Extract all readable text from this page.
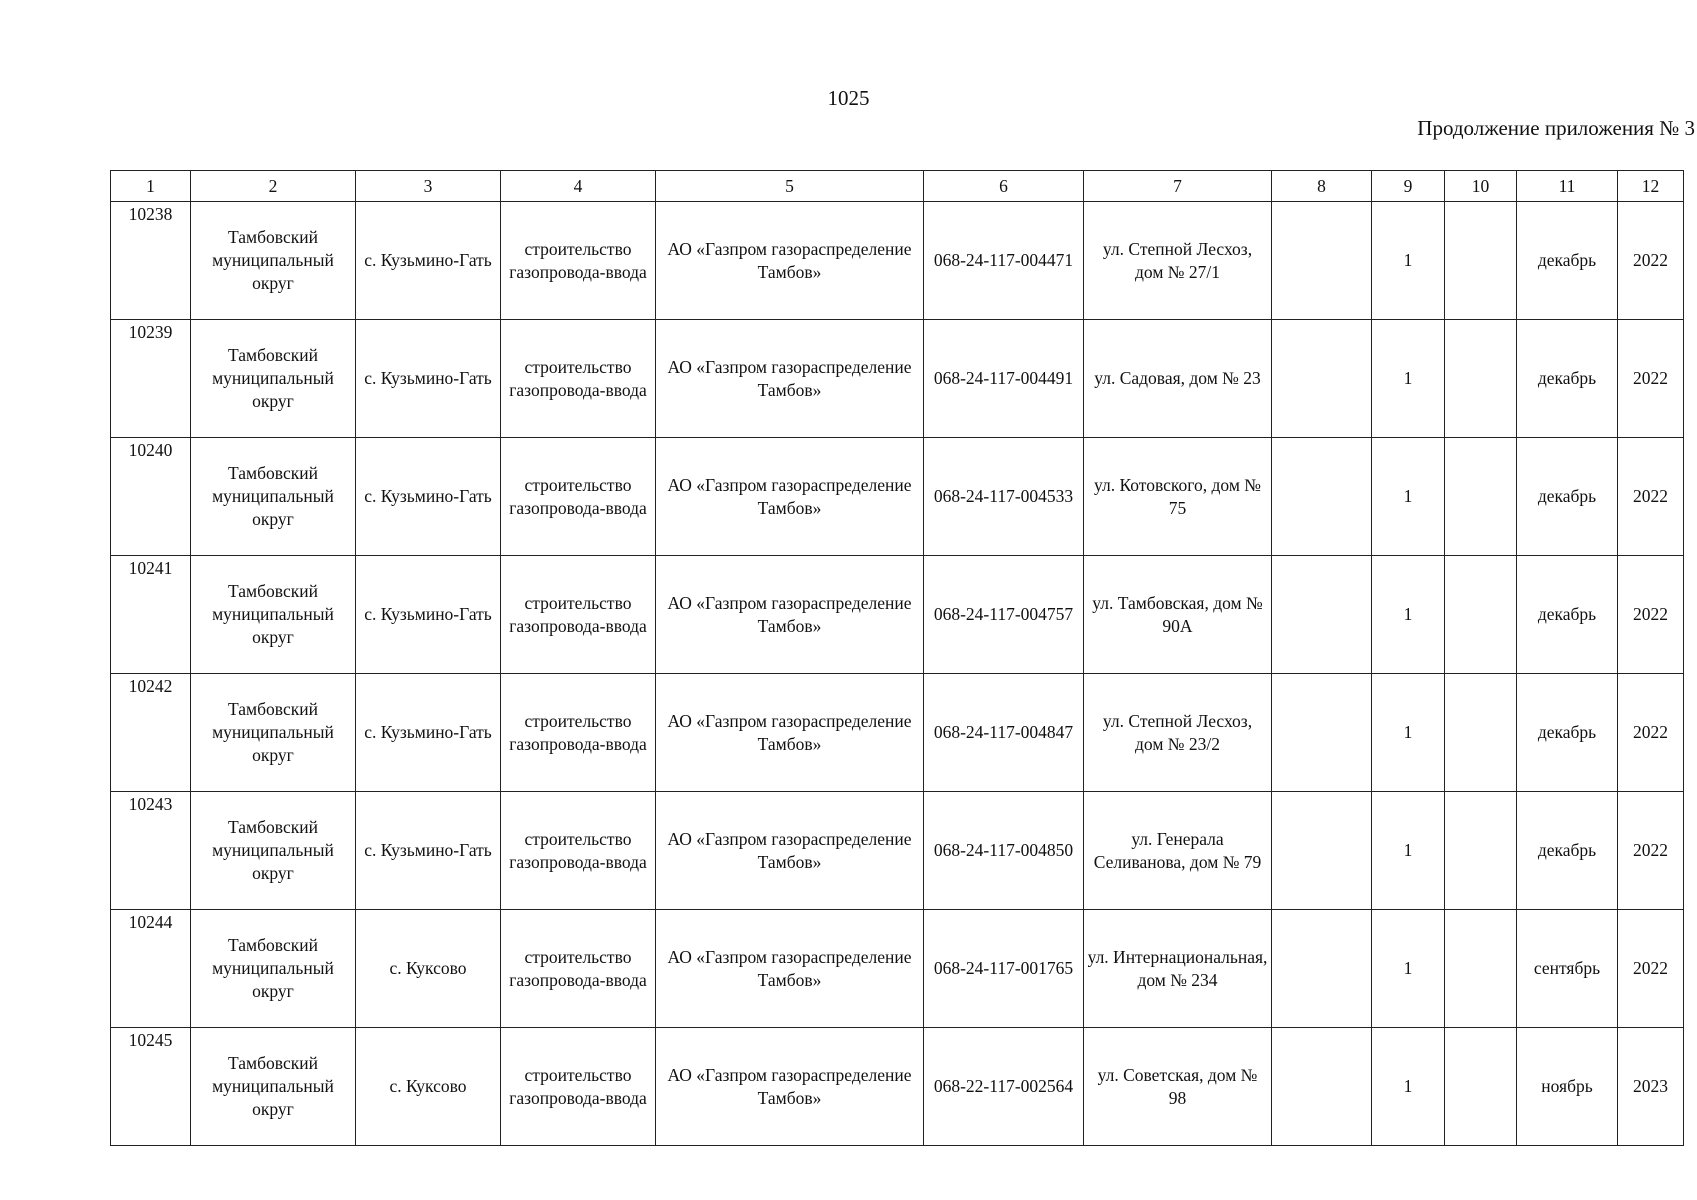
1025
Продолжение приложения № 3
1	2	3	4	5	6	7	8	9	10	11	12
10238	Тамбовский муниципальный округ	с. Кузьмино-Гать	строительство газопровода-ввода	АО «Газпром газораспределение Тамбов»	068-24-117-004471	ул. Степной Лесхоз, дом № 27/1		1		декабрь	2022
10239	Тамбовский муниципальный округ	с. Кузьмино-Гать	строительство газопровода-ввода	АО «Газпром газораспределение Тамбов»	068-24-117-004491	ул. Садовая, дом № 23		1		декабрь	2022
10240	Тамбовский муниципальный округ	с. Кузьмино-Гать	строительство газопровода-ввода	АО «Газпром газораспределение Тамбов»	068-24-117-004533	ул. Котовского, дом № 75		1		декабрь	2022
10241	Тамбовский муниципальный округ	с. Кузьмино-Гать	строительство газопровода-ввода	АО «Газпром газораспределение Тамбов»	068-24-117-004757	ул. Тамбовская, дом № 90А		1		декабрь	2022
10242	Тамбовский муниципальный округ	с. Кузьмино-Гать	строительство газопровода-ввода	АО «Газпром газораспределение Тамбов»	068-24-117-004847	ул. Степной Лесхоз, дом № 23/2		1		декабрь	2022
10243	Тамбовский муниципальный округ	с. Кузьмино-Гать	строительство газопровода-ввода	АО «Газпром газораспределение Тамбов»	068-24-117-004850	ул. Генерала Селиванова, дом № 79		1		декабрь	2022
10244	Тамбовский муниципальный округ	с. Куксово	строительство газопровода-ввода	АО «Газпром газораспределение Тамбов»	068-24-117-001765	ул. Интернациональная, дом № 234		1		сентябрь	2022
10245	Тамбовский муниципальный округ	с. Куксово	строительство газопровода-ввода	АО «Газпром газораспределение Тамбов»	068-22-117-002564	ул. Советская, дом № 98		1		ноябрь	2023
